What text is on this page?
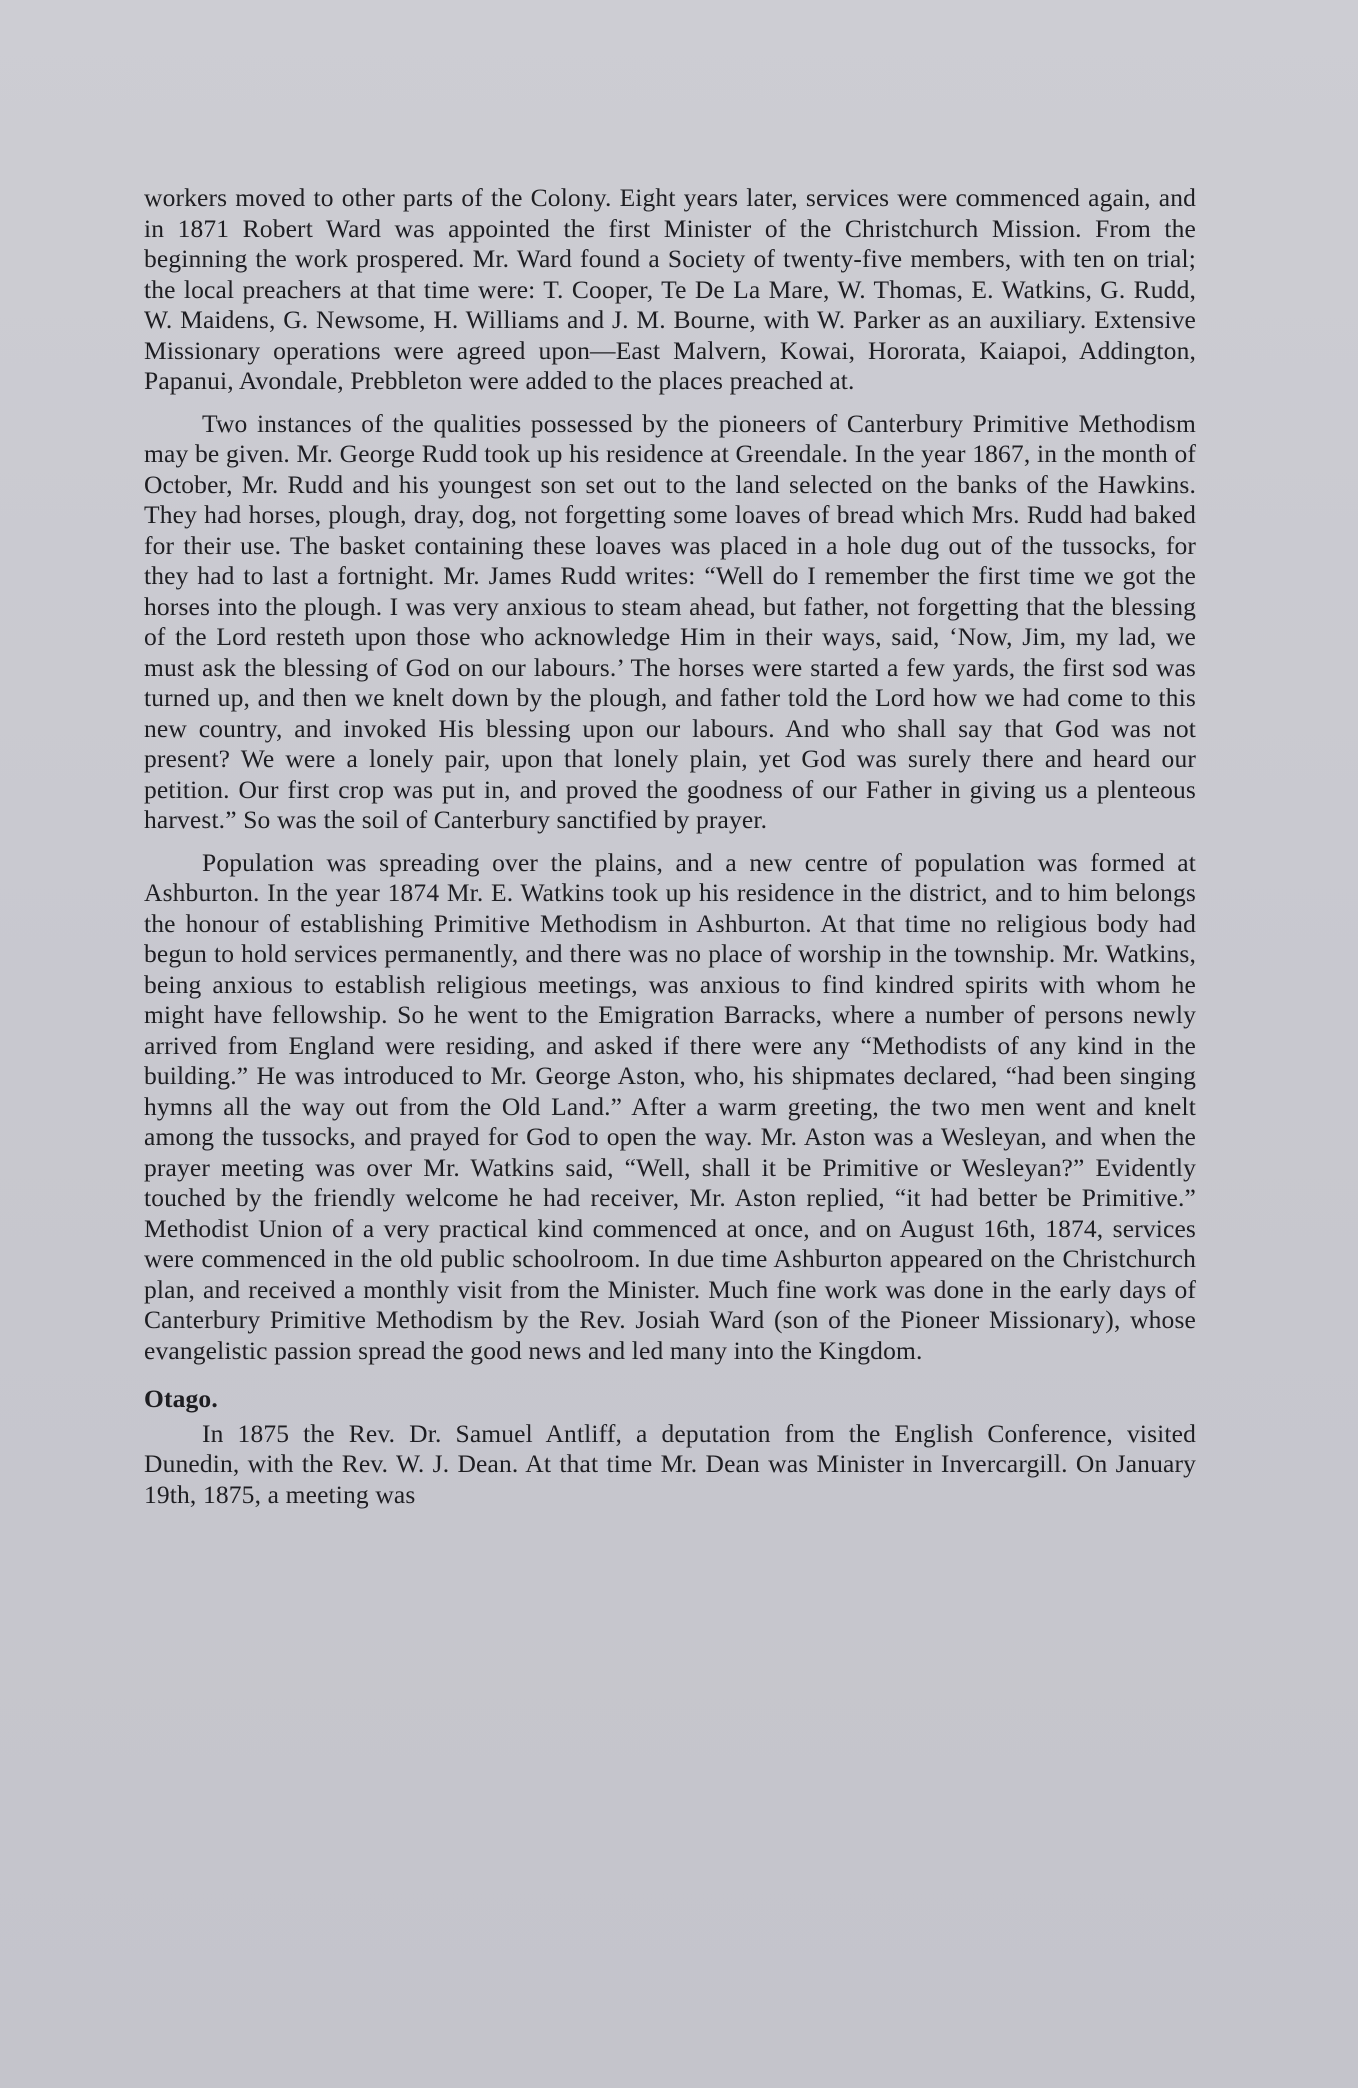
workers moved to other parts of the Colony. Eight years later, services were commenced again, and in 1871 Robert Ward was appointed the first Minister of the Christchurch Mission. From the beginning the work prospered. Mr. Ward found a Society of twenty-five members, with ten on trial; the local preachers at that time were: T. Cooper, Te De La Mare, W. Thomas, E. Watkins, G. Rudd, W. Maidens, G. Newsome, H. Williams and J. M. Bourne, with W. Parker as an auxiliary. Extensive Missionary operations were agreed upon—East Malvern, Kowai, Hororata, Kaiapoi, Addington, Papanui, Avondale, Prebbleton were added to the places preached at.

Two instances of the qualities possessed by the pioneers of Canterbury Primitive Methodism may be given. Mr. George Rudd took up his residence at Greendale. In the year 1867, in the month of October, Mr. Rudd and his youngest son set out to the land selected on the banks of the Hawkins. They had horses, plough, dray, dog, not forgetting some loaves of bread which Mrs. Rudd had baked for their use. The basket containing these loaves was placed in a hole dug out of the tussocks, for they had to last a fortnight. Mr. James Rudd writes: “Well do I remember the first time we got the horses into the plough. I was very anxious to steam ahead, but father, not forgetting that the blessing of the Lord resteth upon those who acknowledge Him in their ways, said, ‘Now, Jim, my lad, we must ask the blessing of God on our labours.’ The horses were started a few yards, the first sod was turned up, and then we knelt down by the plough, and father told the Lord how we had come to this new country, and invoked His blessing upon our labours. And who shall say that God was not present? We were a lonely pair, upon that lonely plain, yet God was surely there and heard our petition. Our first crop was put in, and proved the goodness of our Father in giving us a plenteous harvest.” So was the soil of Canterbury sanctified by prayer.

Population was spreading over the plains, and a new centre of population was formed at Ashburton. In the year 1874 Mr. E. Watkins took up his residence in the district, and to him belongs the honour of establishing Primitive Methodism in Ashburton. At that time no religious body had begun to hold services permanently, and there was no place of worship in the township. Mr. Watkins, being anxious to establish religious meetings, was anxious to find kindred spirits with whom he might have fellowship. So he went to the Emigration Barracks, where a number of persons newly arrived from England were residing, and asked if there were any “Methodists of any kind in the building.” He was introduced to Mr. George Aston, who, his shipmates declared, “had been singing hymns all the way out from the Old Land.” After a warm greeting, the two men went and knelt among the tussocks, and prayed for God to open the way. Mr. Aston was a Wesleyan, and when the prayer meeting was over Mr. Watkins said, “Well, shall it be Primitive or Wesleyan?” Evidently touched by the friendly welcome he had receiver, Mr. Aston replied, “it had better be Primitive.” Methodist Union of a very practical kind commenced at once, and on August 16th, 1874, services were commenced in the old public schoolroom. In due time Ashburton appeared on the Christchurch plan, and received a monthly visit from the Minister. Much fine work was done in the early days of Canterbury Primitive Methodism by the Rev. Josiah Ward (son of the Pioneer Missionary), whose evangelistic passion spread the good news and led many into the Kingdom.

Otago.

In 1875 the Rev. Dr. Samuel Antliff, a deputation from the English Conference, visited Dunedin, with the Rev. W. J. Dean. At that time Mr. Dean was Minister in Invercargill. On January 19th, 1875, a meeting was
